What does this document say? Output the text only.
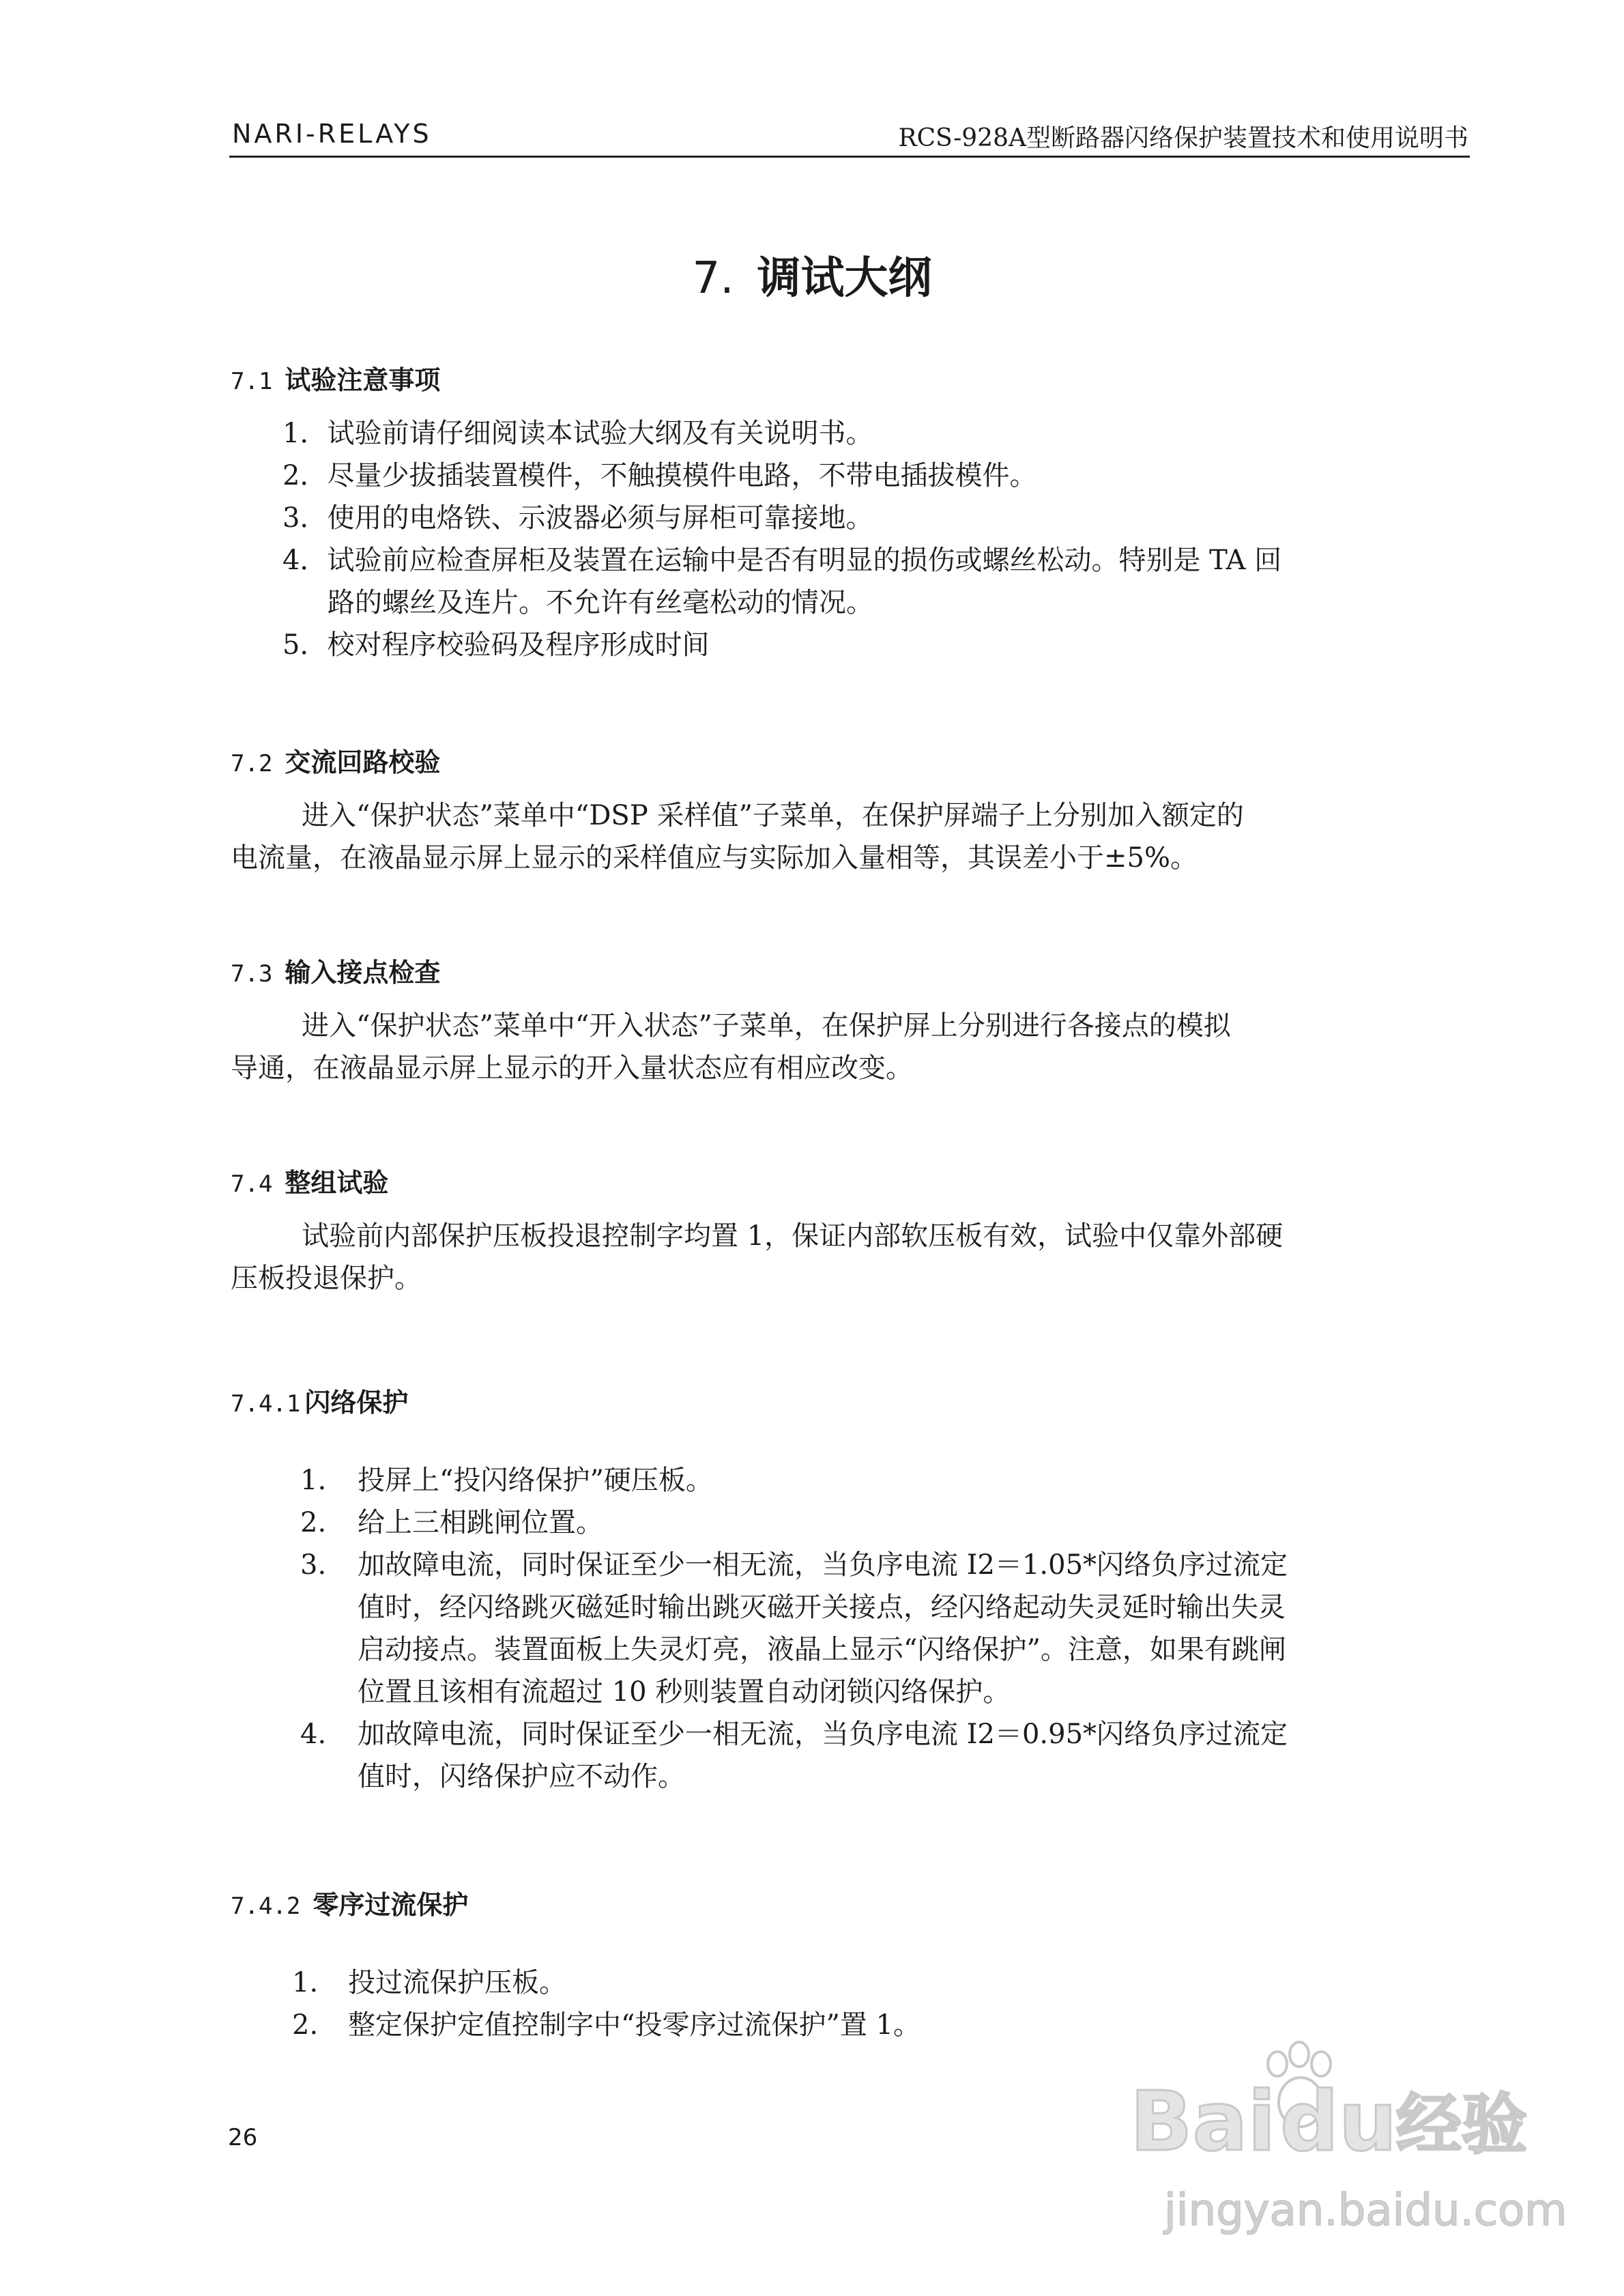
NARI-RELAYS	RCS-928A型断路器闪络保护装置技术和使用说明书
7. 调试大纲
7.1 试验注意事项
1．试验前请仔细阅读本试验大纲及有关说明书。
2．尽量少拔插装置模件，不触摸模件电路，不带电插拔模件。
3．使用的电烙铁、示波器必须与屏柜可靠接地。
4．试验前应检查屏柜及装置在运输中是否有明显的损伤或螺丝松动。特别是 TA 回
路的螺丝及连片。不允许有丝毫松动的情况。
5．校对程序校验码及程序形成时间
7.2 交流回路校验
进入“保护状态”菜单中“DSP 采样值”子菜单，在保护屏端子上分别加入额定的
电流量，在液晶显示屏上显示的采样值应与实际加入量相等，其误差小于±5%。
7.3 输入接点检查
进入“保护状态”菜单中“开入状态”子菜单，在保护屏上分别进行各接点的模拟
导通，在液晶显示屏上显示的开入量状态应有相应改变。
7.4 整组试验
试验前内部保护压板投退控制字均置 1，保证内部软压板有效，试验中仅靠外部硬
压板投退保护。
7.4.1 闪络保护
1.	投屏上“投闪络保护”硬压板。
2.	给上三相跳闸位置。
3.	加故障电流，同时保证至少一相无流，当负序电流 I2＝1.05*闪络负序过流定
值时，经闪络跳灭磁延时输出跳灭磁开关接点，经闪络起动失灵延时输出失灵
启动接点。装置面板上失灵灯亮，液晶上显示“闪络保护”。注意，如果有跳闸
位置且该相有流超过 10 秒则装置自动闭锁闪络保护。
4.	加故障电流，同时保证至少一相无流，当负序电流 I2＝0.95*闪络负序过流定
值时，闪络保护应不动作。
7.4.2 零序过流保护
1.	投过流保护压板。
2.	整定保护定值控制字中“投零序过流保护”置 1。
26	Bai du
经验
jingyan.baidu.com
